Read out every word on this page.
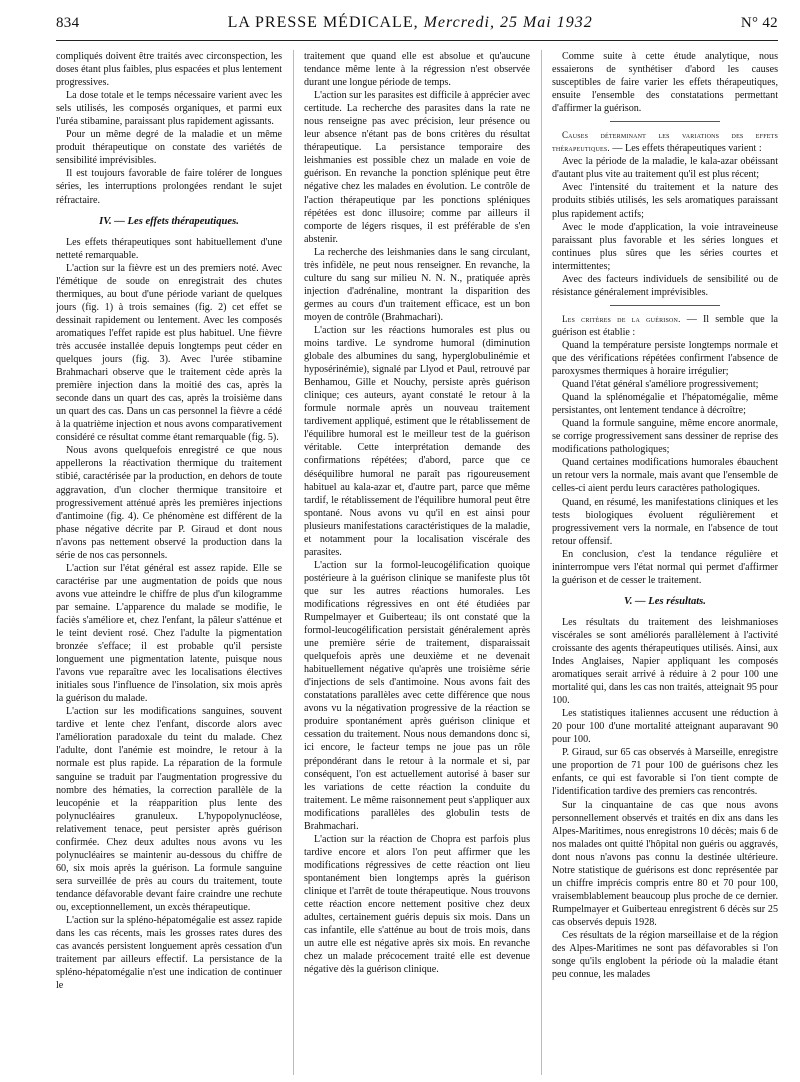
834	LA PRESSE MÉDICALE, Mercredi, 25 Mai 1932	N° 42

compliqués doivent être traités avec circonspection, les doses étant plus faibles, plus espacées et plus lentement progressives.

La dose totale et le temps nécessaire varient avec les sels utilisés, les composés organiques, et parmi eux l'uréa stibamine, paraissant plus rapidement agissants.

Pour un même degré de la maladie et un même produit thérapeutique on constate des variétés de sensibilité imprévisibles.

Il est toujours favorable de faire tolérer de longues séries, les interruptions prolongées rendant le sujet réfractaire.

IV. — Les effets thérapeutiques.

Les effets thérapeutiques sont habituellement d'une netteté remarquable.

L'action sur la fièvre est un des premiers noté. Avec l'émétique de soude on enregistrait des chutes thermiques, au bout d'une période variant de quelques jours (fig. 1) à trois semaines (fig. 2) cet effet se dessinait rapidement ou lentement. Avec les composés aromatiques l'effet rapide est plus habituel. Une fièvre très accusée installée depuis longtemps peut céder en quelques jours (fig. 3). Avec l'urée stibamine Brahmachari observe que le traitement cède après la première injection dans la moitié des cas, après la seconde dans un quart des cas, après la troisième dans un quart des cas. Dans un cas personnel la fièvre a cédé à la quatrième injection et nous avons comparativement considéré ce résultat comme étant remarquable (fig. 5).

Nous avons quelquefois enregistré ce que nous appellerons la réactivation thermique du traitement stibié, caractérisée par la production, en dehors de toute aggravation, d'un clocher thermique transitoire et progressivement atténué après les premières injections d'antimoine (fig. 4). Ce phénomène est différent de la phase négative décrite par P. Giraud et dont nous n'avons pas nettement observé la production dans la série de nos cas personnels.

L'action sur l'état général est assez rapide. Elle se caractérise par une augmentation de poids que nous avons vue atteindre le chiffre de plus d'un kilogramme par semaine. L'apparence du malade se modifie, le faciès s'améliore et, chez l'enfant, la pâleur s'atténue et le teint devient rosé. Chez l'adulte la pigmentation bronzée s'efface; il est probable qu'il persiste longuement une pigmentation latente, puisque nous l'avons vue reparaître avec les localisations électives initiales sous l'influence de l'insolation, six mois après la guérison du malade.

L'action sur les modifications sanguines, souvent tardive et lente chez l'enfant, discorde alors avec l'amélioration paradoxale du teint du malade. Chez l'adulte, dont l'anémie est moindre, le retour à la normale est plus rapide. La réparation de la formule sanguine se traduit par l'augmentation progressive du nombre des hématies, la correction parallèle de la leucopénie et la réapparition plus lente des polynucléaires granuleux. L'hypopolynucléose, relativement tenace, peut persister après guérison confirmée. Chez deux adultes nous avons vu les polynucléaires se maintenir au-dessous du chiffre de 60, six mois après la guérison. La formule sanguine sera surveillée de près au cours du traitement, toute tendance défavorable devant faire craindre une rechute ou, exceptionnellement, un excès thérapeutique.

L'action sur la spléno-hépatomégalie est assez rapide dans les cas récents, mais les grosses rates dures des cas avancés persistent longuement après cessation d'un traitement par ailleurs effectif. La persistance de la spléno-hépatomégalie n'est une indication de continuer le

traitement que quand elle est absolue et qu'aucune tendance même lente à la régression n'est observée durant une longue période de temps.

L'action sur les parasites est difficile à apprécier avec certitude. La recherche des parasites dans la rate ne nous renseigne pas avec précision, leur présence ou leur absence n'étant pas de bons critères du résultat thérapeutique. La persistance temporaire des leishmanies est possible chez un malade en voie de guérison. En revanche la ponction splénique peut être négative chez les malades en évolution. Le contrôle de l'action thérapeutique par les ponctions spléniques répétées est donc illusoire; comme par ailleurs il comporte de légers risques, il est préférable de s'en abstenir.

La recherche des leishmanies dans le sang circulant, très infidèle, ne peut nous renseigner. En revanche, la culture du sang sur milieu N. N. N., pratiquée après injection d'adrénaline, montrant la disparition des germes au cours d'un traitement efficace, est un bon moyen de contrôle (Brahmachari).

L'action sur les réactions humorales est plus ou moins tardive. Le syndrome humoral (diminution globale des albumines du sang, hyperglobulinémie et hyposérinémie), signalé par Llyod et Paul, retrouvé par Benhamou, Gille et Nouchy, persiste après guérison clinique; ces auteurs, ayant constaté le retour à la formule normale après un nouveau traitement tardivement appliqué, estiment que le rétablissement de l'équilibre humoral est le meilleur test de la guérison véritable. Cette interprétation demande des confirmations répétées; d'abord, parce que ce déséquilibre humoral ne paraît pas rigoureusement habituel au kala-azar et, d'autre part, parce que même tardif, le rétablissement de l'équilibre humoral peut être spontané. Nous avons vu qu'il en est ainsi pour plusieurs manifestations caractéristiques de la maladie, et notamment pour la localisation viscérale des parasites.

L'action sur la formol-leucogélification quoique postérieure à la guérison clinique se manifeste plus tôt que sur les autres réactions humorales. Les modifications régressives en ont été étudiées par Rumpelmayer et Guiberteau; ils ont constaté que la formol-leucogélification persistait généralement après une première série de traitement, disparaissait quelquefois après une deuxième et ne devenait habituellement négative qu'après une troisième série d'injections de sels d'antimoine. Nous avons fait des constatations parallèles avec cette différence que nous avons vu la négativation progressive de la réaction se produire spontanément après guérison clinique et cessation du traitement. Nous nous demandons donc si, ici encore, le facteur temps ne joue pas un rôle prépondérant dans le retour à la normale et si, par conséquent, l'on est actuellement autorisé à baser sur les variations de cette réaction la conduite du traitement. Le même raisonnement peut s'appliquer aux modifications parallèles des globulin tests de Brahmachari.

L'action sur la réaction de Chopra est parfois plus tardive encore et alors l'on peut affirmer que les modifications régressives de cette réaction ont lieu spontanément bien longtemps après la guérison clinique et l'arrêt de toute thérapeutique. Nous trouvons cette réaction encore nettement positive chez deux adultes, certainement guéris depuis six mois. Dans un cas infantile, elle s'atténue au bout de trois mois, dans un autre elle est négative après six mois. En revanche chez un malade précocement traité elle est devenue négative dès la guérison clinique.

Comme suite à cette étude analytique, nous essaierons de synthétiser d'abord les causes susceptibles de faire varier les effets thérapeutiques, ensuite l'ensemble des constatations permettant d'affirmer la guérison.

Causes déterminant les variations des effets thérapeutiques. — Les effets thérapeutiques varient :

Avec la période de la maladie, le kala-azar obéissant d'autant plus vite au traitement qu'il est plus récent;

Avec l'intensité du traitement et la nature des produits stibiés utilisés, les sels aromatiques paraissant plus rapidement actifs;

Avec le mode d'application, la voie intraveineuse paraissant plus favorable et les séries longues et continues plus sûres que les séries courtes et intermittentes;

Avec des facteurs individuels de sensibilité ou de résistance généralement imprévisibles.

Les critères de la guérison. — Il semble que la guérison est établie :

Quand la température persiste longtemps normale et que des vérifications répétées confirment l'absence de paroxysmes thermiques à horaire irrégulier;

Quand l'état général s'améliore progressivement;

Quand la splénomégalie et l'hépatomégalie, même persistantes, ont lentement tendance à décroître;

Quand la formule sanguine, même encore anormale, se corrige progressivement sans dessiner de reprise des modifications pathologiques;

Quand certaines modifications humorales ébauchent un retour vers la normale, mais avant que l'ensemble de celles-ci aient perdu leurs caractères pathologiques.

Quand, en résumé, les manifestations cliniques et les tests biologiques évoluent régulièrement et progressivement vers la normale, en l'absence de tout retour offensif.

En conclusion, c'est la tendance régulière et ininterrompue vers l'état normal qui permet d'affirmer la guérison et de cesser le traitement.

V. — Les résultats.

Les résultats du traitement des leishmanioses viscérales se sont améliorés parallèlement à l'activité croissante des agents thérapeutiques utilisés. Ainsi, aux Indes Anglaises, Napier appliquant les composés aromatiques serait arrivé à réduire à 2 pour 100 une mortalité qui, dans les cas non traités, atteignait 95 pour 100.

Les statistiques italiennes accusent une réduction à 20 pour 100 d'une mortalité atteignant auparavant 90 pour 100.

P. Giraud, sur 65 cas observés à Marseille, enregistre une proportion de 71 pour 100 de guérisons chez les enfants, ce qui est favorable si l'on tient compte de l'identification tardive des premiers cas rencontrés.

Sur la cinquantaine de cas que nous avons personnellement observés et traités en dix ans dans les Alpes-Maritimes, nous enregistrons 10 décès; mais 6 de nos malades ont quitté l'hôpital non guéris ou aggravés, dont nous n'avons pas connu la destinée ultérieure. Notre statistique de guérisons est donc représentée par un chiffre imprécis compris entre 80 et 70 pour 100, vraisemblablement beaucoup plus proche de ce dernier. Rumpelmayer et Guiberteau enregistrent 6 décès sur 25 cas observés depuis 1928.

Ces résultats de la région marseillaise et de la région des Alpes-Maritimes ne sont pas défavorables si l'on songe qu'ils englobent la période où la maladie étant peu connue, les malades
